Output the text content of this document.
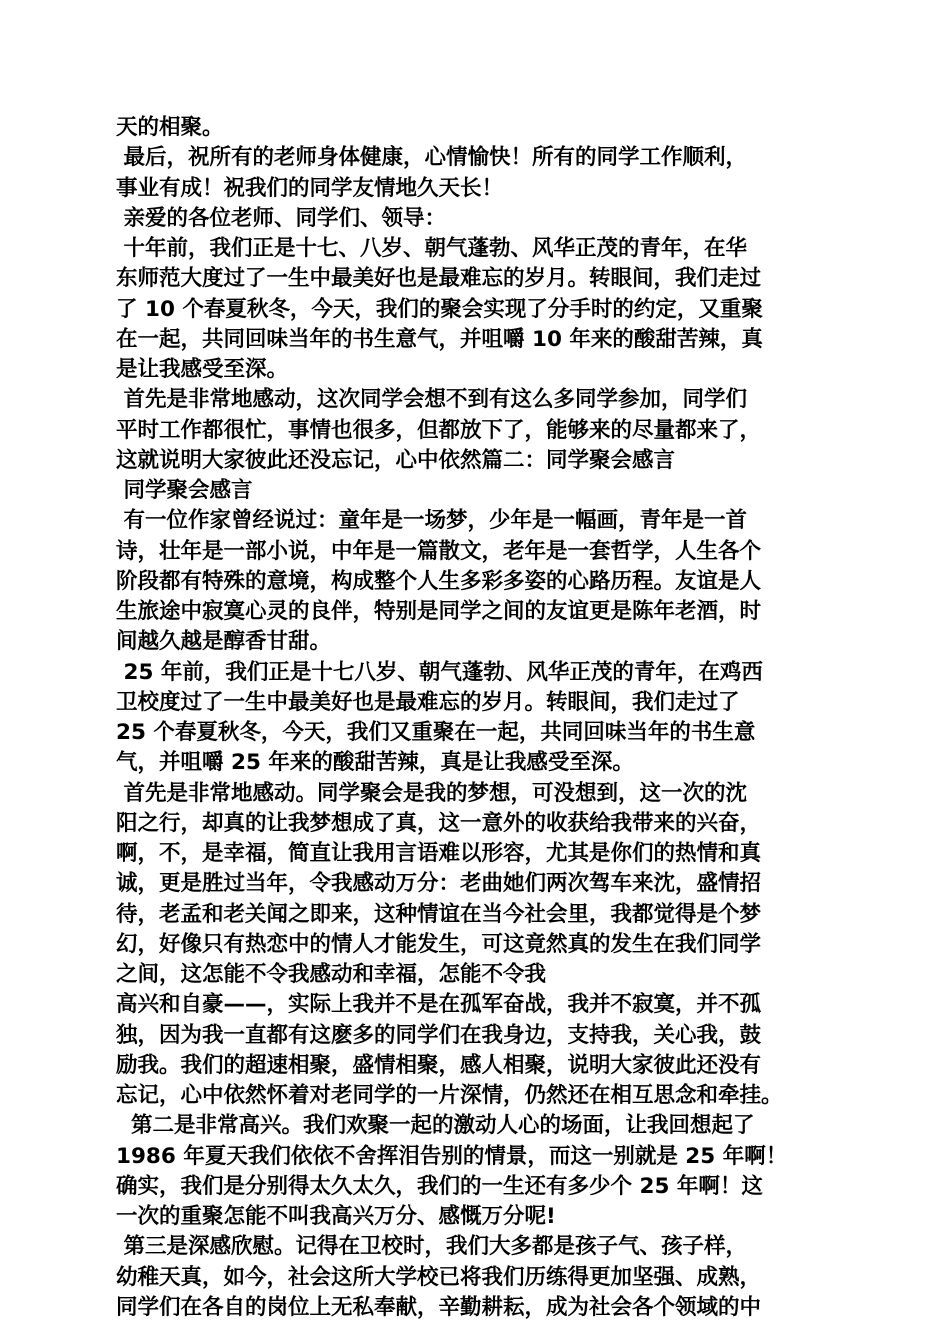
天的相聚。
最后，祝所有的老师身体健康，心情愉快！所有的同学工作顺利，
事业有成！祝我们的同学友情地久天长！
亲爱的各位老师、同学们、领导：
十年前，我们正是十七、八岁、朝气蓬勃、风华正茂的青年，在华
东师范大度过了一生中最美好也是最难忘的岁月。转眼间，我们走过
了 10 个春夏秋冬，今天，我们的聚会实现了分手时的约定，又重聚
在一起，共同回味当年的书生意气，并咀嚼 10 年来的酸甜苦辣，真
是让我感受至深。
首先是非常地感动，这次同学会想不到有这么多同学参加，同学们
平时工作都很忙，事情也很多，但都放下了，能够来的尽量都来了，
这就说明大家彼此还没忘记，心中依然篇二：同学聚会感言
同学聚会感言
有一位作家曾经说过：童年是一场梦，少年是一幅画，青年是一首
诗，壮年是一部小说，中年是一篇散文，老年是一套哲学，人生各个
阶段都有特殊的意境，构成整个人生多彩多姿的心路历程。友谊是人
生旅途中寂寞心灵的良伴，特别是同学之间的友谊更是陈年老酒，时
间越久越是醇香甘甜。
25 年前，我们正是十七八岁、朝气蓬勃、风华正茂的青年，在鸡西
卫校度过了一生中最美好也是最难忘的岁月。转眼间，我们走过了
25 个春夏秋冬，今天，我们又重聚在一起，共同回味当年的书生意
气，并咀嚼 25 年来的酸甜苦辣，真是让我感受至深。
首先是非常地感动。同学聚会是我的梦想，可没想到，这一次的沈
阳之行，却真的让我梦想成了真，这一意外的收获给我带来的兴奋，
啊，不，是幸福，简直让我用言语难以形容，尤其是你们的热情和真
诚，更是胜过当年，令我感动万分：老曲她们两次驾车来沈，盛情招
待，老孟和老关闻之即来，这种情谊在当今社会里，我都觉得是个梦
幻，好像只有热恋中的情人才能发生，可这竟然真的发生在我们同学
之间，这怎能不令我感动和幸福，怎能不令我
高兴和自豪——，实际上我并不是在孤军奋战，我并不寂寞，并不孤
独，因为我一直都有这麽多的同学们在我身边，支持我，关心我，鼓
励我。我们的超速相聚，盛情相聚，感人相聚，说明大家彼此还没有
忘记，心中依然怀着对老同学的一片深情，仍然还在相互思念和牵挂。
第二是非常高兴。我们欢聚一起的激动人心的场面，让我回想起了
1986 年夏天我们依依不舍挥泪告别的情景，而这一别就是 25 年啊！
确实，我们是分别得太久太久，我们的一生还有多少个 25 年啊！这
一次的重聚怎能不叫我高兴万分、感慨万分呢!
第三是深感欣慰。记得在卫校时，我们大多都是孩子气、孩子样，
幼稚天真，如今，社会这所大学校已将我们历练得更加坚强、成熟，
同学们在各自的岗位上无私奉献，辛勤耕耘，成为社会各个领域的中
